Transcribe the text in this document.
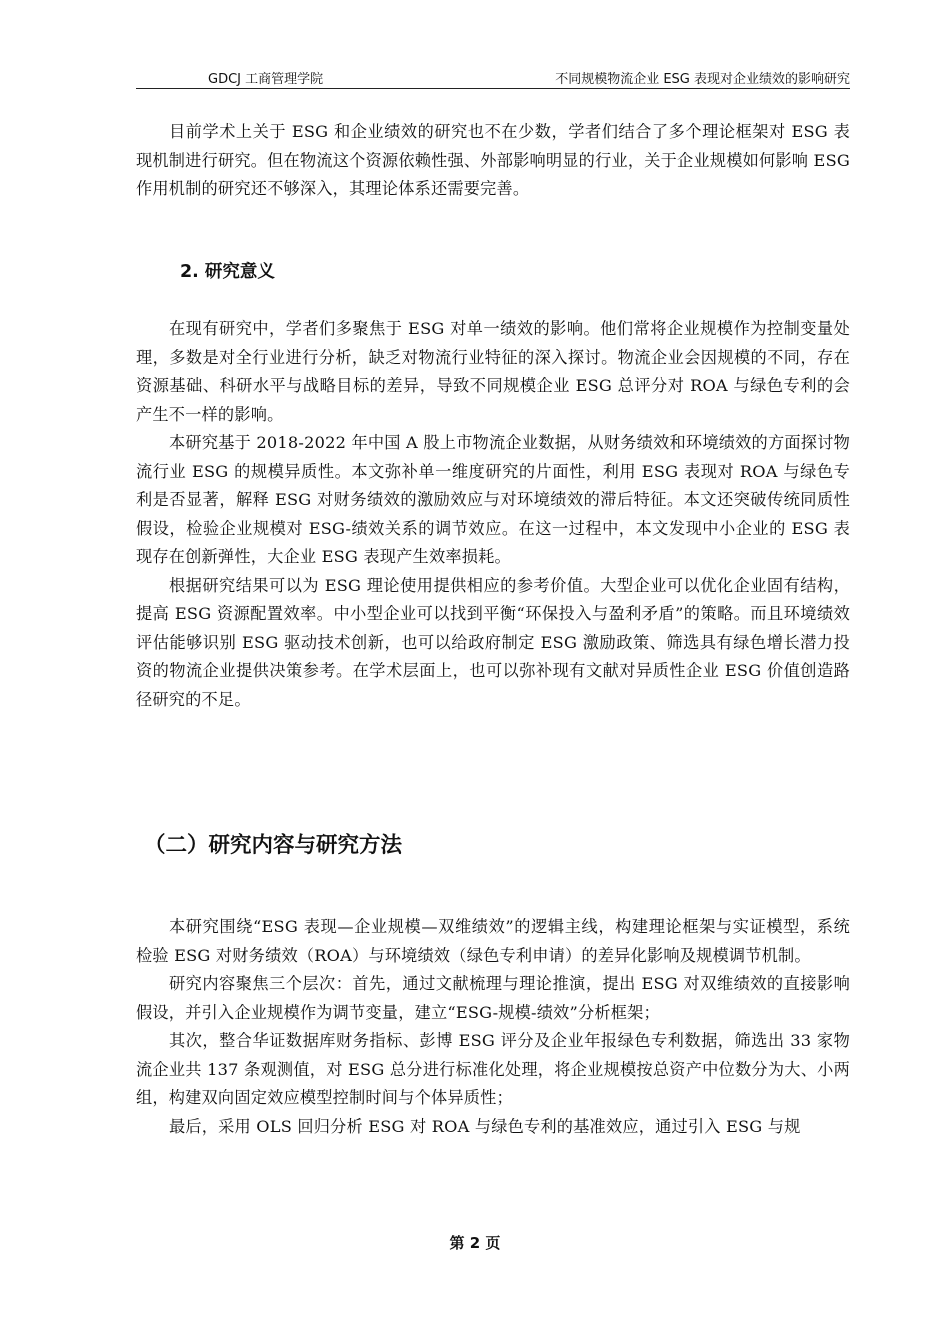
GDCJ 工商管理学院	不同规模物流企业 ESG 表现对企业绩效的影响研究

目前学术上关于 ESG 和企业绩效的研究也不在少数，学者们结合了多个理论框架对 ESG 表现机制进行研究。但在物流这个资源依赖性强、外部影响明显的行业，关于企业规模如何影响 ESG 作用机制的研究还不够深入，其理论体系还需要完善。

2. 研究意义

在现有研究中，学者们多聚焦于 ESG 对单一绩效的影响。他们常将企业规模作为控制变量处理，多数是对全行业进行分析，缺乏对物流行业特征的深入探讨。物流企业会因规模的不同，存在资源基础、科研水平与战略目标的差异，导致不同规模企业 ESG 总评分对 ROA 与绿色专利的会产生不一样的影响。

本研究基于 2018-2022 年中国 A 股上市物流企业数据，从财务绩效和环境绩效的方面探讨物流行业 ESG 的规模异质性。本文弥补单一维度研究的片面性，利用 ESG 表现对 ROA 与绿色专利是否显著，解释 ESG 对财务绩效的激励效应与对环境绩效的滞后特征。本文还突破传统同质性假设，检验企业规模对 ESG-绩效关系的调节效应。在这一过程中，本文发现中小企业的 ESG 表现存在创新弹性，大企业 ESG 表现产生效率损耗。

根据研究结果可以为 ESG 理论使用提供相应的参考价值。大型企业可以优化企业固有结构，提高 ESG 资源配置效率。中小型企业可以找到平衡“环保投入与盈利矛盾”的策略。而且环境绩效评估能够识别 ESG 驱动技术创新，也可以给政府制定 ESG 激励政策、筛选具有绿色增长潜力投资的物流企业提供决策参考。在学术层面上，也可以弥补现有文献对异质性企业 ESG 价值创造路径研究的不足。

（二）研究内容与研究方法

本研究围绕“ESG 表现—企业规模—双维绩效”的逻辑主线，构建理论框架与实证模型，系统检验 ESG 对财务绩效（ROA）与环境绩效（绿色专利申请）的差异化影响及规模调节机制。

研究内容聚焦三个层次：首先，通过文献梳理与理论推演，提出 ESG 对双维绩效的直接影响假设，并引入企业规模作为调节变量，建立“ESG-规模-绩效”分析框架；

其次，整合华证数据库财务指标、彭博 ESG 评分及企业年报绿色专利数据，筛选出 33 家物流企业共 137 条观测值，对 ESG 总分进行标准化处理，将企业规模按总资产中位数分为大、小两组，构建双向固定效应模型控制时间与个体异质性；

最后，采用 OLS 回归分析 ESG 对 ROA 与绿色专利的基准效应，通过引入 ESG 与规

第 2 页
